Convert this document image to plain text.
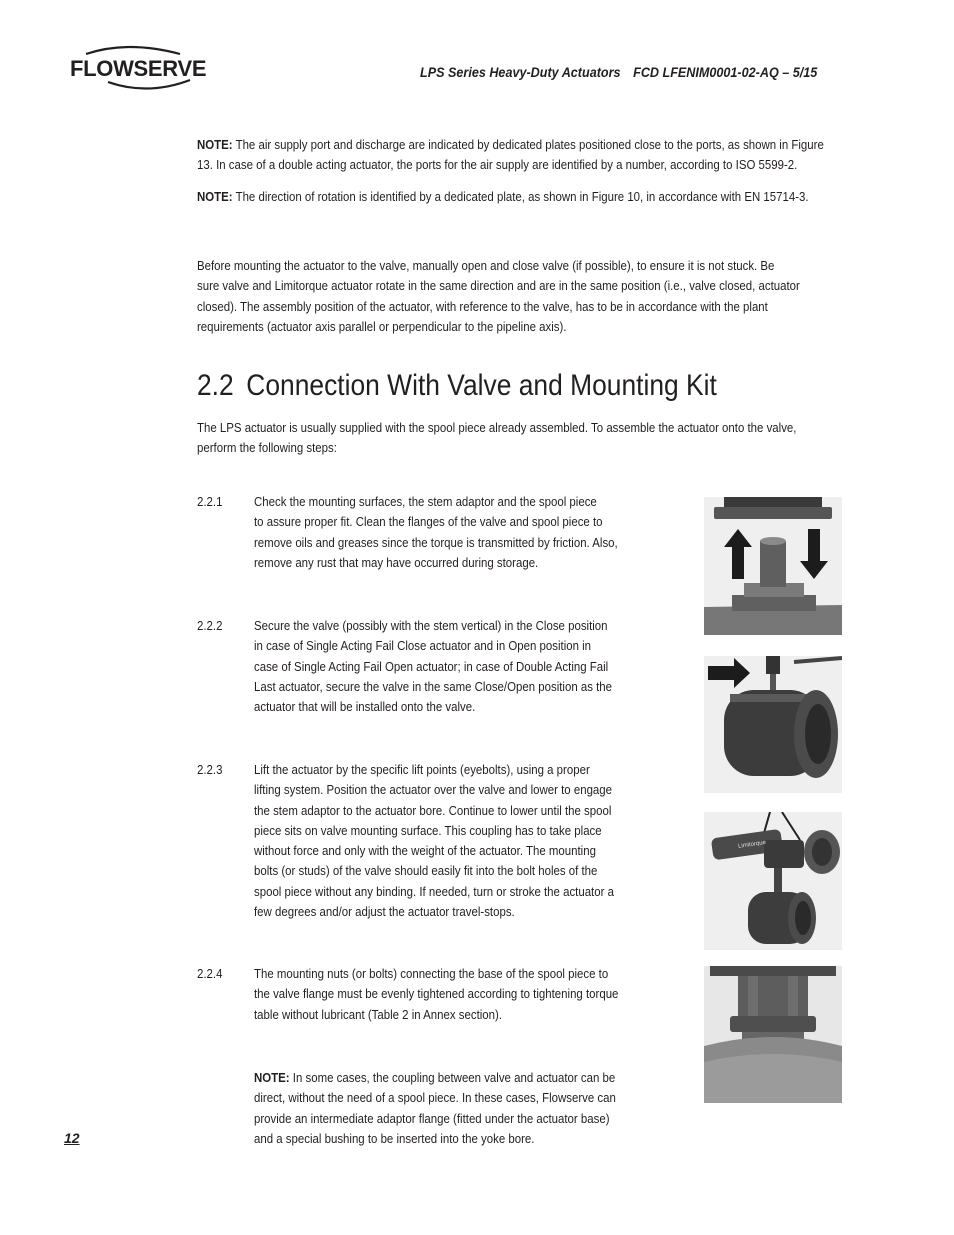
FLOWSERVE	LPS Series Heavy-Duty Actuators FCD LFENIM0001-02-AQ – 5/15
NOTE: The air supply port and discharge are indicated by dedicated plates positioned close to the ports, as shown in Figure
13. In case of a double acting actuator, the ports for the air supply are identified by a number, according to ISO 5599-2.
NOTE: The direction of rotation is identified by a dedicated plate, as shown in Figure 10, in accordance with EN 15714-3.
Before mounting the actuator to the valve, manually open and close valve (if possible), to ensure it is not stuck. Be
sure valve and Limitorque actuator rotate in the same direction and are in the same position (i.e., valve closed, actuator
closed). The assembly position of the actuator, with reference to the valve, has to be in accordance with the plant
requirements (actuator axis parallel or perpendicular to the pipeline axis).
2.2 Connection With Valve and Mounting Kit
The LPS actuator is usually supplied with the spool piece already assembled. To assemble the actuator onto the valve,
perform the following steps:
2.2.1 Check the mounting surfaces, the stem adaptor and the spool piece
to assure proper fit. Clean the flanges of the valve and spool piece to
remove oils and greases since the torque is transmitted by friction. Also,
remove any rust that may have occurred during storage.
2.2.2 Secure the valve (possibly with the stem vertical) in the Close position
in case of Single Acting Fail Close actuator and in Open position in
case of Single Acting Fail Open actuator; in case of Double Acting Fail
Last actuator, secure the valve in the same Close/Open position as the
actuator that will be installed onto the valve.
2.2.3 Lift the actuator by the specific lift points (eyebolts), using a proper
lifting system. Position the actuator over the valve and lower to engage
the stem adaptor to the actuator bore. Continue to lower until the spool
piece sits on valve mounting surface. This coupling has to take place
without force and only with the weight of the actuator. The mounting
bolts (or studs) of the valve should easily fit into the bolt holes of the
spool piece without any binding. If needed, turn or stroke the actuator a
few degrees and/or adjust the actuator travel-stops.
2.2.4 The mounting nuts (or bolts) connecting the base of the spool piece to
the valve flange must be evenly tightened according to tightening torque
table without lubricant (Table 2 in Annex section).
NOTE: In some cases, the coupling between valve and actuator can be
direct, without the need of a spool piece. In these cases, Flowserve can
provide an intermediate adaptor flange (fitted under the actuator base)
and a special bushing to be inserted into the yoke bore.
12
Limitorque
